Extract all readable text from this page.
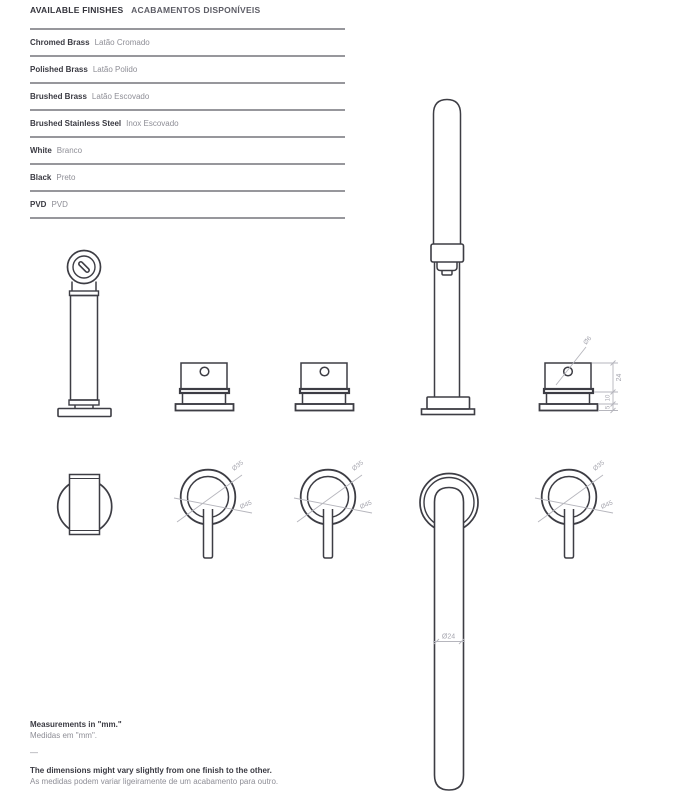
AVAILABLE FINISHES ACABAMENTOS DISPONÍVEIS
Chromed Brass Latão Cromado
Polished Brass Latão Polido
Brushed Brass Latão Escovado
Brushed Stainless Steel Inox Escovado
White Branco
Black Preto
PVD PVD
Ø6
24
10
5
Ø35
Ø45
Ø35
Ø45
Ø24
Ø35
Ø45
Measurements in "mm."
Medidas em "mm".
—
The dimensions might vary slightly from one finish to the other.
As medidas podem variar ligeiramente de um acabamento para outro.
